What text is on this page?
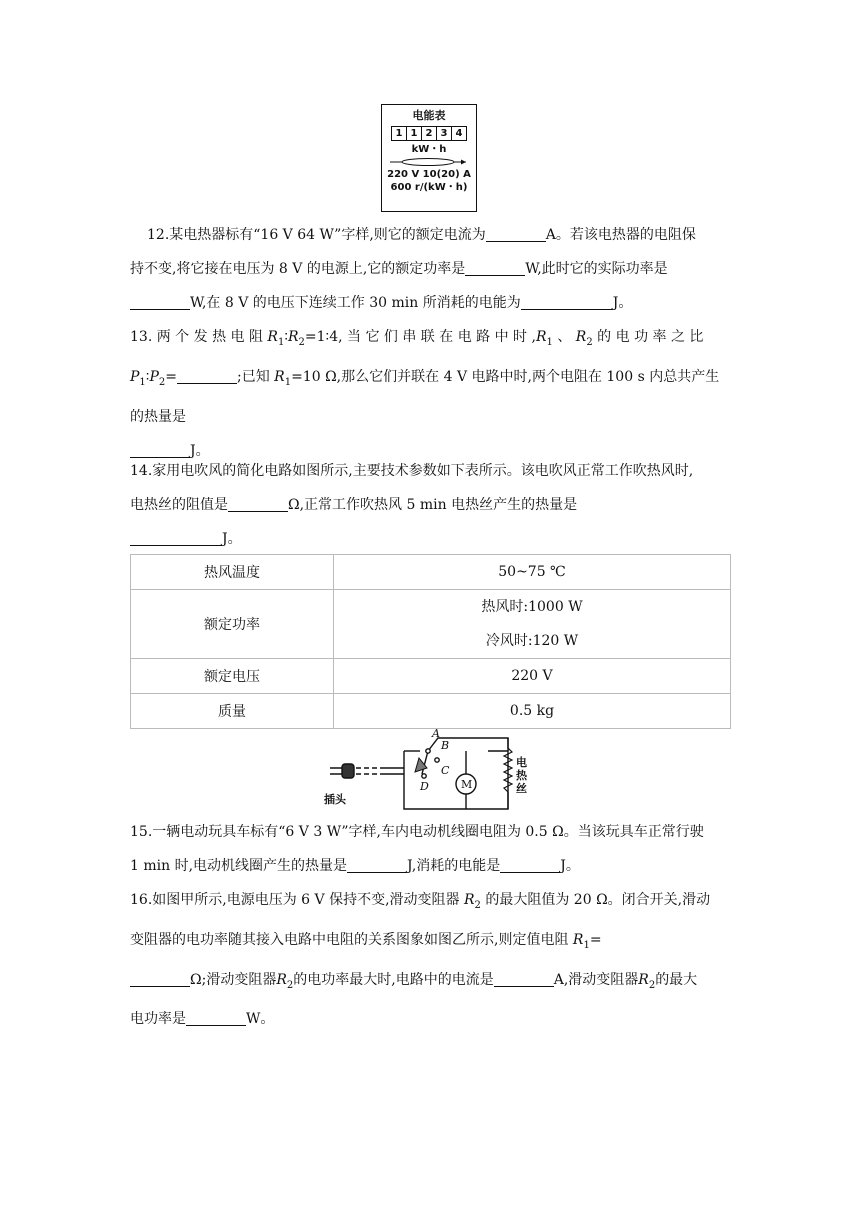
电能表
1 1 2 3 4
kW・h
220 V 10(20) A
600 r/(kW・h)
12.某电热器标有“16 V 64 W”字样,则它的额定电流为	A。若该电热器的电阻保
持不变,将它接在电压为 8 V 的电源上,它的额定功率是	W,此时它的实际功率是
W,在 8 V 的电压下连续工作 30 min 所消耗的电能为	J。
13. 两 个 发 热 电 阻 $R_1∶R_2=1∶4$, 当 它 们 串 联 在 电 路 中 时 $,R_1$ 、 $R_2$ 的 电 功 率 之 比
$P_1∶P_2=$	;已知 $R_1=10$ Ω,那么它们并联在 4 V 电路中时,两个电阻在 100 s 内总共产生
的热量是
J。
14.家用电吹风的简化电路如图所示,主要技术参数如下表所示。该电吹风正常工作吹热风时,
电热丝的阻值是	Ω,正常工作吹热风 5 min 电热丝产生的热量是
J。
热风温度	50~75 ℃
额定功率	热风时:1000 W
冷风时:120 W

额定电压	220 V
质量	0.5 kg
A
B
C
D	M
插头
电
热
丝
15.一辆电动玩具车标有“6 V 3 W”字样,车内电动机线圈电阻为 0.5 Ω。当该玩具车正常行驶
1 min 时,电动机线圈产生的热量是	J,消耗的电能是	J。
16.如图甲所示,电源电压为 6 V 保持不变,滑动变阻器 $R_2$ 的最大阻值为 20 Ω。闭合开关,滑动
变阻器的电功率随其接入电路中电阻的关系图象如图乙所示,则定值电阻 $R_1=$
Ω;滑动变阻器$R_2$的电功率最大时,电路中的电流是	A,滑动变阻器$R_2$的最大
电功率是	W。
